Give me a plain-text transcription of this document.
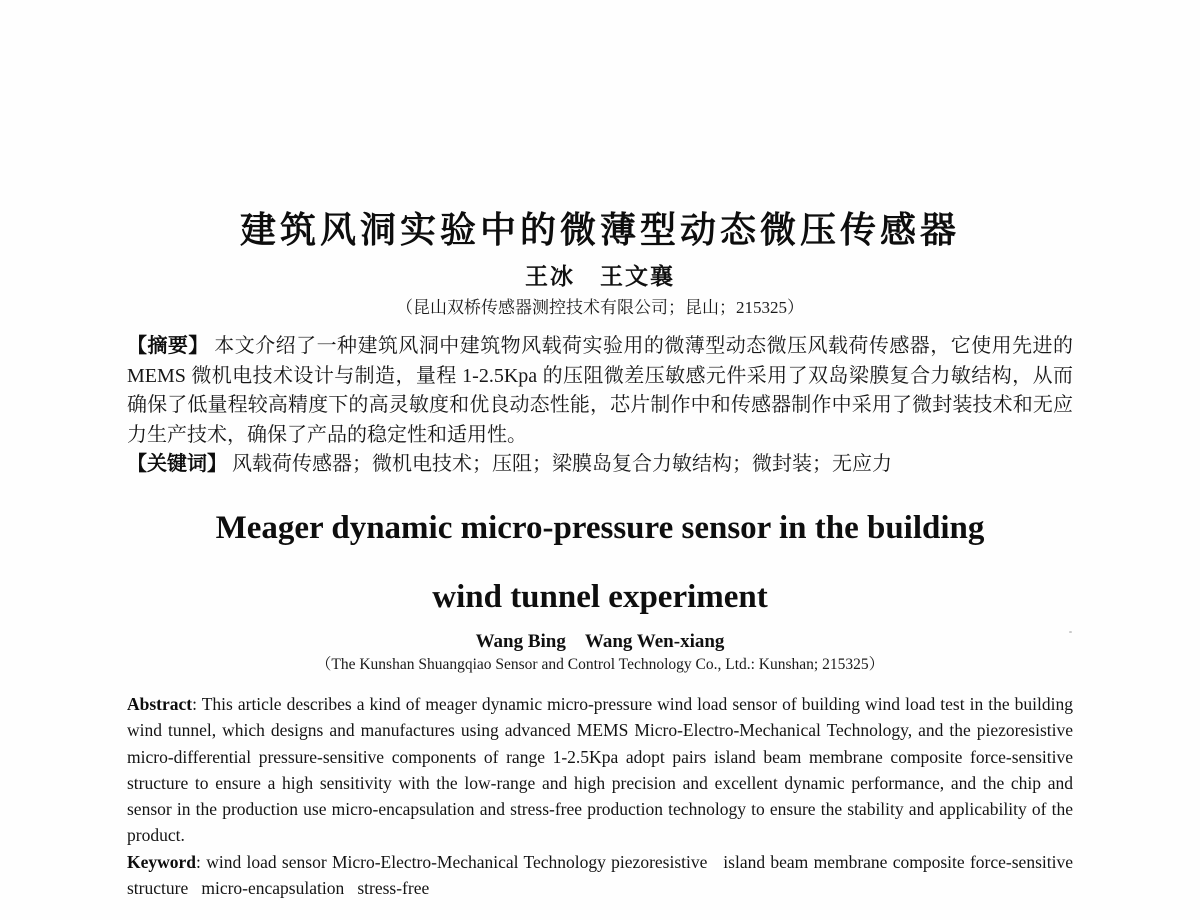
建筑风洞实验中的微薄型动态微压传感器
王冰　王文襄
（昆山双桥传感器测控技术有限公司；昆山；215325）

【摘要】 本文介绍了一种建筑风洞中建筑物风载荷实验用的微薄型动态微压风载荷传感器，它使用先进的 MEMS 微机电技术设计与制造，量程 1-2.5Kpa 的压阻微差压敏感元件采用了双岛梁膜复合力敏结构，从而确保了低量程较高精度下的高灵敏度和优良动态性能，芯片制作中和传感器制作中采用了微封装技术和无应力生产技术，确保了产品的稳定性和适用性。

【关键词】 风载荷传感器；微机电技术；压阻；梁膜岛复合力敏结构；微封装；无应力

Meager dynamic micro-pressure sensor in the building
wind tunnel experiment
Wang Bing　Wang Wen-xiang
（The Kunshan Shuangqiao Sensor and Control Technology Co., Ltd.: Kunshan; 215325）

Abstract: This article describes a kind of meager dynamic micro-pressure wind load sensor of building wind load test in the building wind tunnel, which designs and manufactures using advanced MEMS Micro-Electro-Mechanical Technology, and the piezoresistive micro-differential pressure-sensitive components of range 1-2.5Kpa adopt pairs island beam membrane composite force-sensitive structure to ensure a high sensitivity with the low-range and high precision and excellent dynamic performance, and the chip and sensor in the production use micro-encapsulation and stress-free production technology to ensure the stability and applicability of the product.

Keyword: wind load sensor Micro-Electro-Mechanical Technology piezoresistive   island beam membrane composite force-sensitive structure   micro-encapsulation   stress-free
